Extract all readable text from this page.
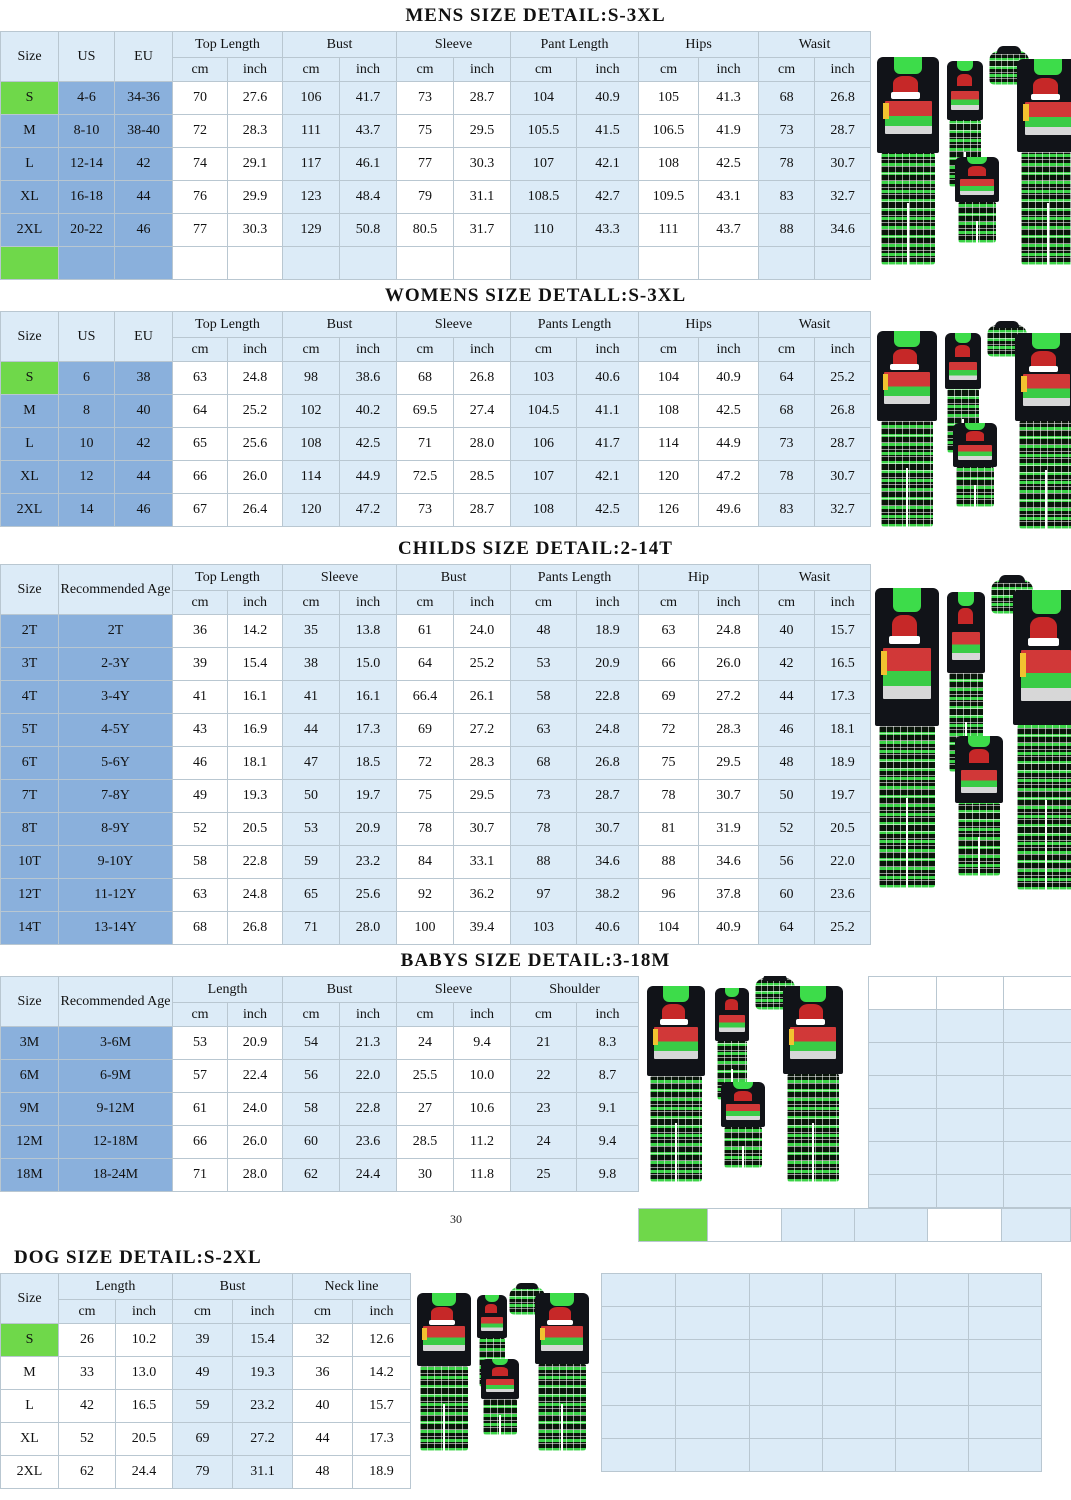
MENS SIZE DETAIL:S-3XL
Size	US	EU	Top Length		Bust		Sleeve		Pant Length		Hips		Wasit	
			cm	inch	cm	inch	cm	inch	cm	inch	cm	inch	cm	inch
S	4-6	34-36	70	27.6	106	41.7	73	28.7	104	40.9	105	41.3	68	26.8
M	8-10	38-40	72	28.3	111	43.7	75	29.5	105.5	41.5	106.5	41.9	73	28.7
L	12-14	42	74	29.1	117	46.1	77	30.3	107	42.1	108	42.5	78	30.7
XL	16-18	44	76	29.9	123	48.4	79	31.1	108.5	42.7	109.5	43.1	83	32.7
2XL	20-22	46	77	30.3	129	50.8	80.5	31.7	110	43.3	111	43.7	88	34.6

WOMENS SIZE DETALL:S-3XL
Size	US	EU	Top Length		Bust		Sleeve		Pants Length		Hips		Wasit	
			cm	inch	cm	inch	cm	inch	cm	inch	cm	inch	cm	inch
S	6	38	63	24.8	98	38.6	68	26.8	103	40.6	104	40.9	64	25.2
M	8	40	64	25.2	102	40.2	69.5	27.4	104.5	41.1	108	42.5	68	26.8
L	10	42	65	25.6	108	42.5	71	28.0	106	41.7	114	44.9	73	28.7
XL	12	44	66	26.0	114	44.9	72.5	28.5	107	42.1	120	47.2	78	30.7
2XL	14	46	67	26.4	120	47.2	73	28.7	108	42.5	126	49.6	83	32.7
CHILDS SIZE DETAIL:2-14T
Size	Recommended Age	Top Length		Sleeve		Bust		Pants Length		Hip		Wasit	
		cm	inch	cm	inch	cm	inch	cm	inch	cm	inch	cm	inch
2T	2T	36	14.2	35	13.8	61	24.0	48	18.9	63	24.8	40	15.7
3T	2-3Y	39	15.4	38	15.0	64	25.2	53	20.9	66	26.0	42	16.5
4T	3-4Y	41	16.1	41	16.1	66.4	26.1	58	22.8	69	27.2	44	17.3
5T	4-5Y	43	16.9	44	17.3	69	27.2	63	24.8	72	28.3	46	18.1
6T	5-6Y	46	18.1	47	18.5	72	28.3	68	26.8	75	29.5	48	18.9
7T	7-8Y	49	19.3	50	19.7	75	29.5	73	28.7	78	30.7	50	19.7
8T	8-9Y	52	20.5	53	20.9	78	30.7	78	30.7	81	31.9	52	20.5
10T	9-10Y	58	22.8	59	23.2	84	33.1	88	34.6	88	34.6	56	22.0
12T	11-12Y	63	24.8	65	25.6	92	36.2	97	38.2	96	37.8	60	23.6
14T	13-14Y	68	26.8	71	28.0	100	39.4	103	40.6	104	40.9	64	25.2
BABYS SIZE DETAIL:3-18M
Size	Recommended Age	Length		Bust		Sleeve		Shoulder	
		cm	inch	cm	inch	cm	inch	cm	inch
3M	3-6M	53	20.9	54	21.3	24	9.4	21	8.3
6M	6-9M	57	22.4	56	22.0	25.5	10.0	22	8.7
9M	9-12M	61	24.0	58	22.8	27	10.6	23	9.1
12M	12-18M	66	26.0	60	23.6	28.5	11.2	24	9.4
18M	18-24M	71	28.0	62	24.4	30	11.8	25	9.8

30

DOG SIZE DETAIL:S-2XL
Size	Length		Bust		Neck line	
	cm	inch	cm	inch	cm	inch
S	26	10.2	39	15.4	32	12.6
M	33	13.0	49	19.3	36	14.2
L	42	16.5	59	23.2	40	15.7
XL	52	20.5	69	27.2	44	17.3
2XL	62	24.4	79	31.1	48	18.9
